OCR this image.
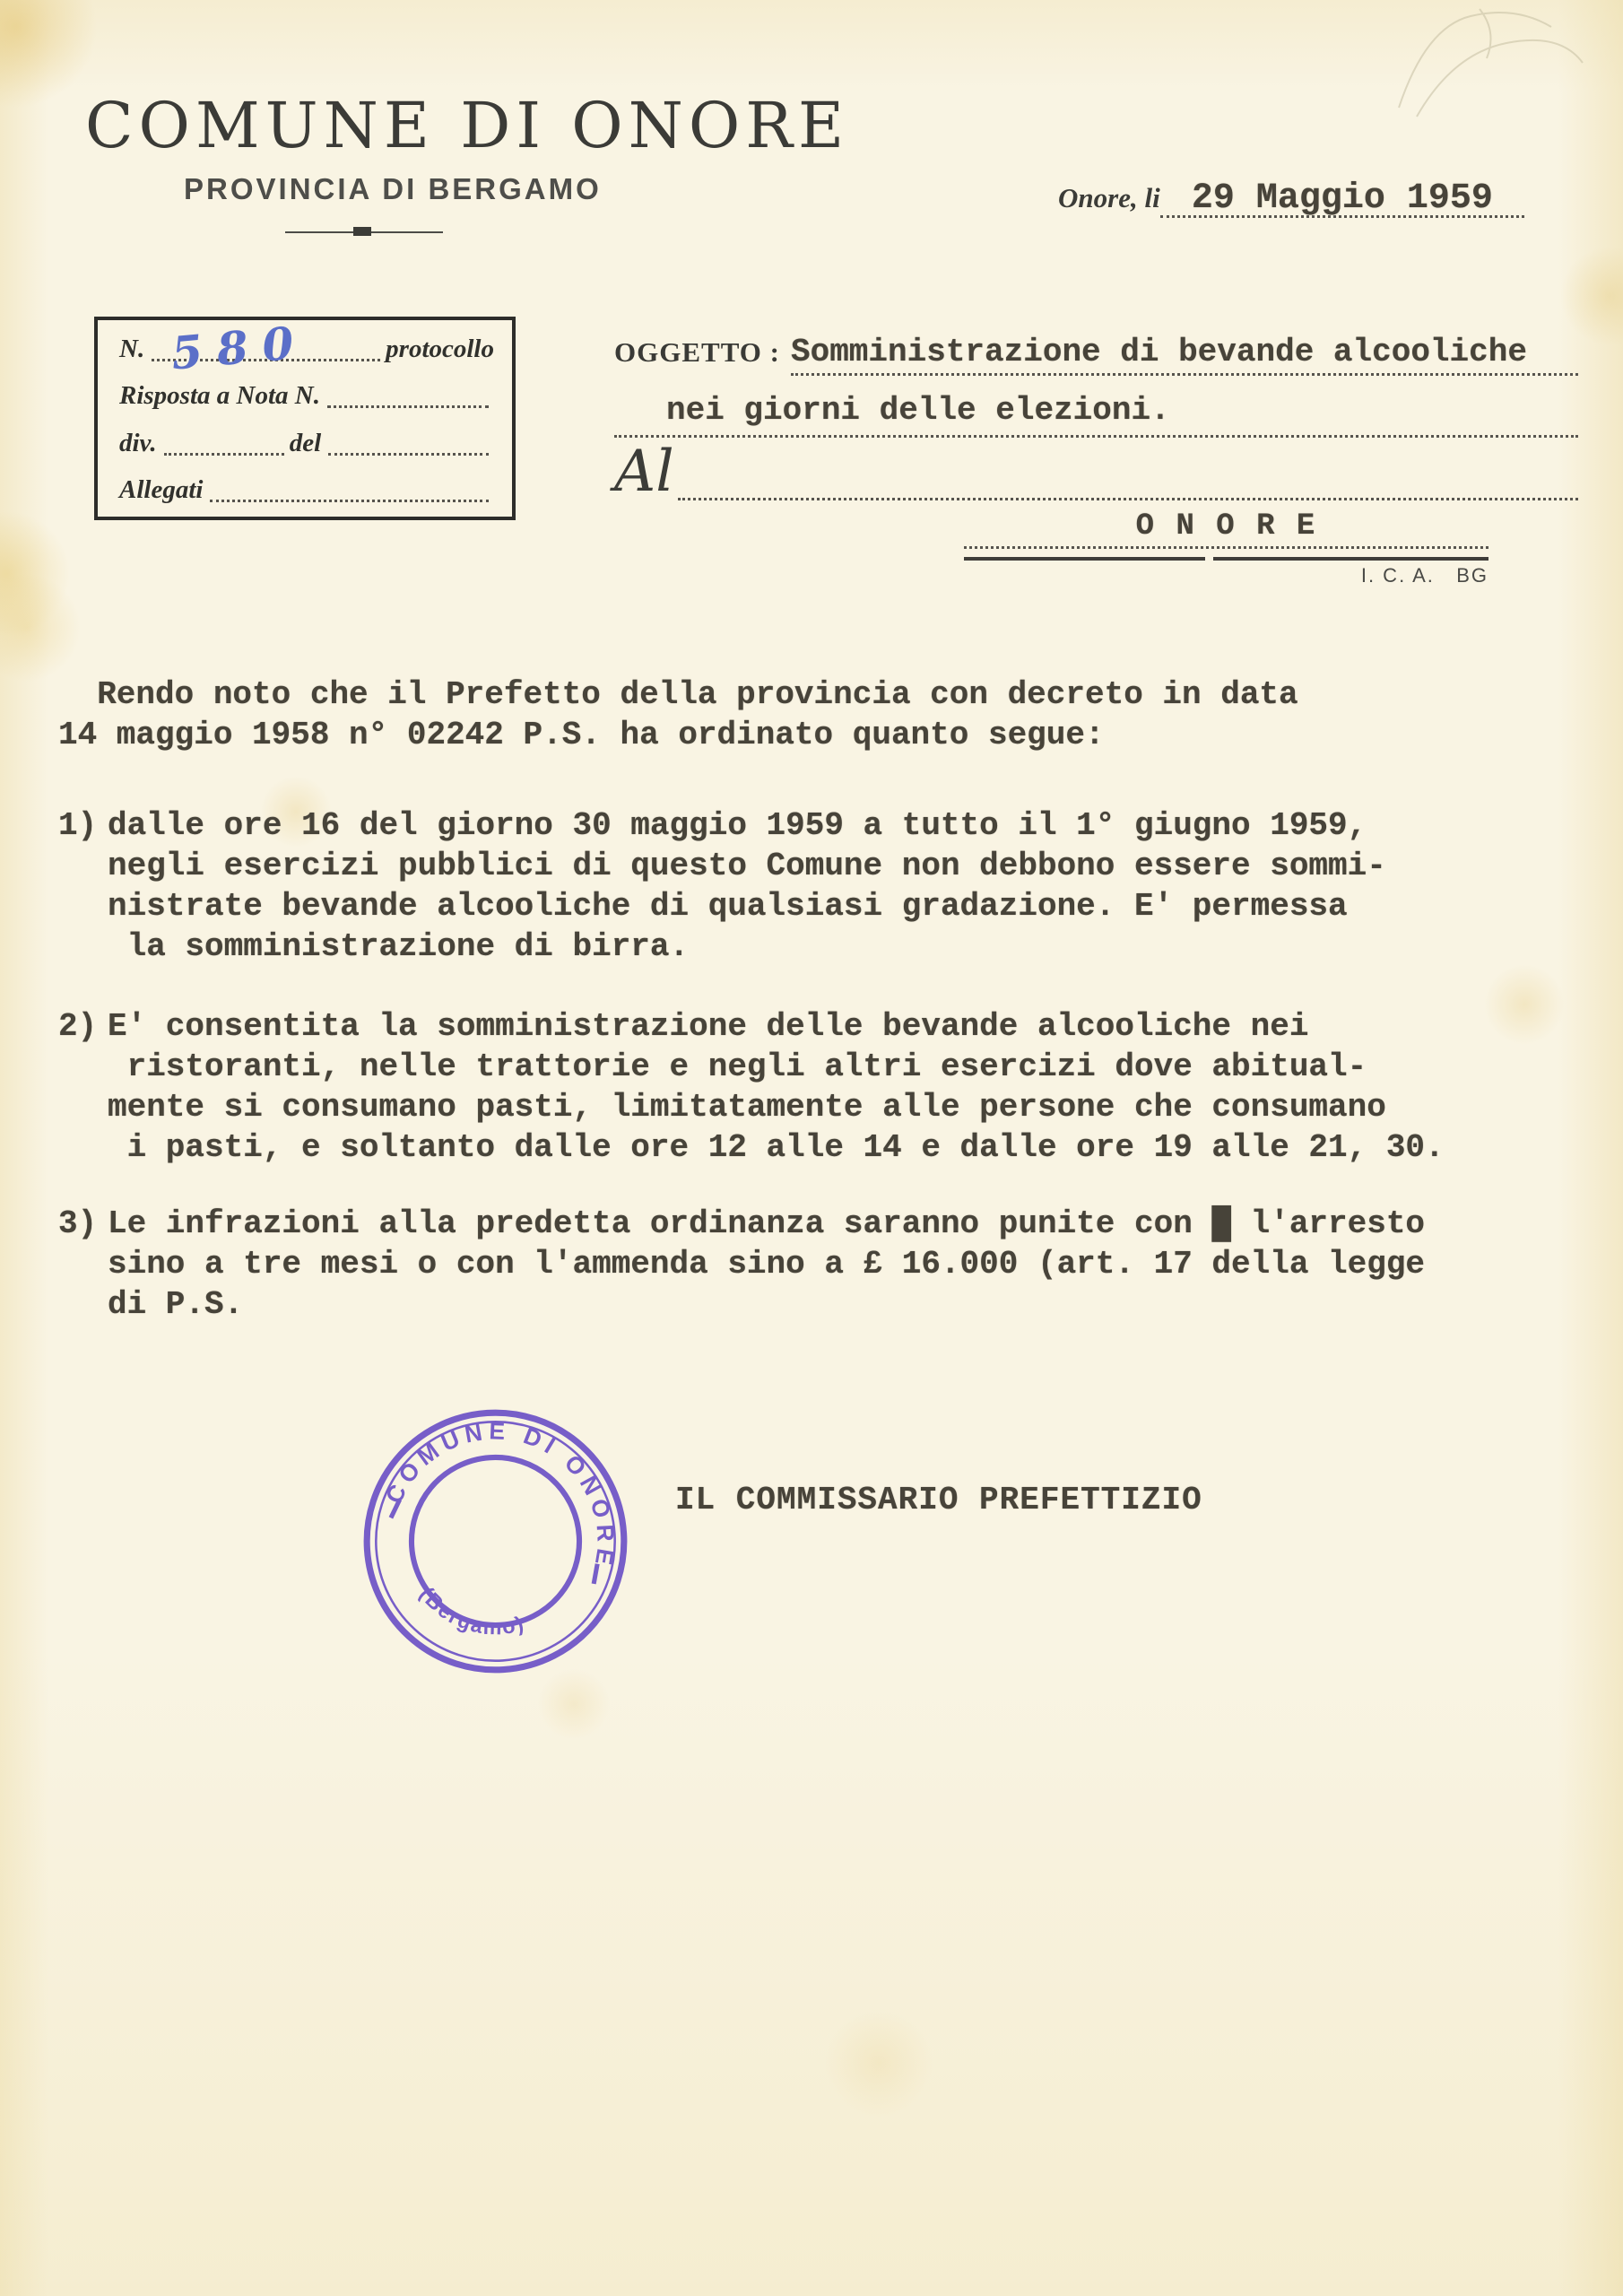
COMUNE DI ONORE
PROVINCIA DI BERGAMO	Onore, li 29 Maggio 1959
N. 580	protocollo
Risposta a Nota N.
div.	del
Allegati
OGGETTO : Somministrazione di bevande alcooliche
nei giorni delle elezioni.
Al
O N O R E
I. C. A.   BG
Rendo noto che il Prefetto della provincia con decreto in data
14 maggio 1958 n° 02242 P.S. ha ordinato quanto segue:
1) dalle ore 16 del giorno 30 maggio 1959 a tutto il 1° giugno 1959,
negli esercizi pubblici di questo Comune non debbono essere sommi-
nistrate bevande alcooliche di qualsiasi gradazione. E' permessa
la somministrazione di birra.
2) E' consentita la somministrazione delle bevande alcooliche nei
ristoranti, nelle trattorie e negli altri esercizi dove abitual-
mente si consumano pasti, limitatamente alle persone che consumano
i pasti, e soltanto dalle ore 12 alle 14 e dalle ore 19 alle 21, 30.
3) Le infrazioni alla predetta ordinanza saranno punite con █ l'arresto
sino a tre mesi o con l'ammenda sino a £ 16.000 (art. 17 della legge
di P.S.
COMUNE DI ONORE
(Bergamo)
IL COMMISSARIO PREFETTIZIO
